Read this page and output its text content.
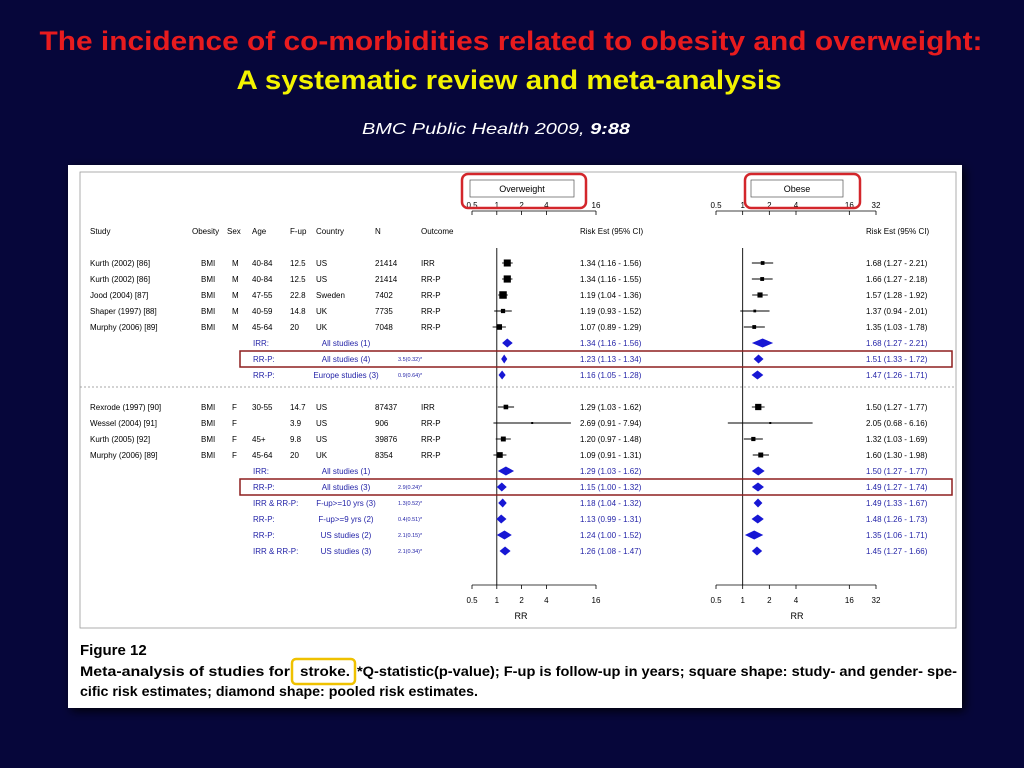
The incidence of co-morbidities related to obesity and overweight:
A systematic review and meta-analysis
BMC Public Health 2009,	9:88
Study	Obesity Sex Age	F-up Country	N	Outcome
Overweight
Risk Est (95% CI)
0.5 1	2	4	16
0.5 1	2	4	16
RR
Obese
Risk Est (95% CI)
0.5 1	2	4	16 32
0.5 1	2	4	16 32
RR
Kurth (2002) [86]	BMI M 40-84 12.5 US	21414	IRR	1.34 (1.16 - 1.56)	1.68 (1.27 - 2.21)
Kurth (2002) [86]	BMI M 40-84 12.5 US	21414	RR-P	1.34 (1.16 - 1.55)	1.66 (1.27 - 2.18)
Jood (2004) [87]	BMI M 47-55 22.8 Sweden	7402	RR-P	1.19 (1.04 - 1.36)	1.57 (1.28 - 1.92)
Shaper (1997) [88]	BMI M 40-59 14.8 UK	7735	RR-P	1.19 (0.93 - 1.52)	1.37 (0.94 - 2.01)
Murphy (2006) [89]	BMI M 45-64 20 UK	7048	RR-P	1.07 (0.89 - 1.29)	1.35 (1.03 - 1.78)
IRR:	All studies (1)	1.34 (1.16 - 1.56)	1.68 (1.27 - 2.21)
RR-P:	All studies (4)	3.5(0.32)*	1.23 (1.13 - 1.34)	1.51 (1.33 - 1.72)
RR-P:	Europe studies (3)	0.9(0.64)*	1.16 (1.05 - 1.28)	1.47 (1.26 - 1.71)
Rexrode (1997) [90]	BMI F 30-55 14.7 US	87437	IRR	1.29 (1.03 - 1.62)	1.50 (1.27 - 1.77)
Wessel (2004) [91]	BMI F	3.9 US	906	RR-P	2.69 (0.91 - 7.94)	2.05 (0.68 - 6.16)
Kurth (2005) [92]	BMI F 45+	9.8 US	39876	RR-P	1.20 (0.97 - 1.48)	1.32 (1.03 - 1.69)
Murphy (2006) [89]	BMI F 45-64 20 UK	8354	RR-P	1.09 (0.91 - 1.31)	1.60 (1.30 - 1.98)
IRR:	All studies (1)	1.29 (1.03 - 1.62)	1.50 (1.27 - 1.77)
RR-P:	All studies (3)	2.9(0.24)*	1.15 (1.00 - 1.32)	1.49 (1.27 - 1.74)
IRR & RR-P: F-up>=10 yrs (3)	1.3(0.52)*	1.18 (1.04 - 1.32)	1.49 (1.33 - 1.67)
RR-P:	F-up>=9 yrs (2)	0.4(0.51)*	1.13 (0.99 - 1.31)	1.48 (1.26 - 1.73)
RR-P:	US studies (2)	2.1(0.15)*	1.24 (1.00 - 1.52)	1.35 (1.06 - 1.71)
IRR & RR-P:	US studies (3)	2.1(0.34)*	1.26 (1.08 - 1.47)	1.45 (1.27 - 1.66)
Figure 12
Meta-analysis of studies for stroke. *Q-statistic(p-value); F-up is follow-up in years; square shape: study- and gender- spe-
cific risk estimates; diamond shape: pooled risk estimates.
